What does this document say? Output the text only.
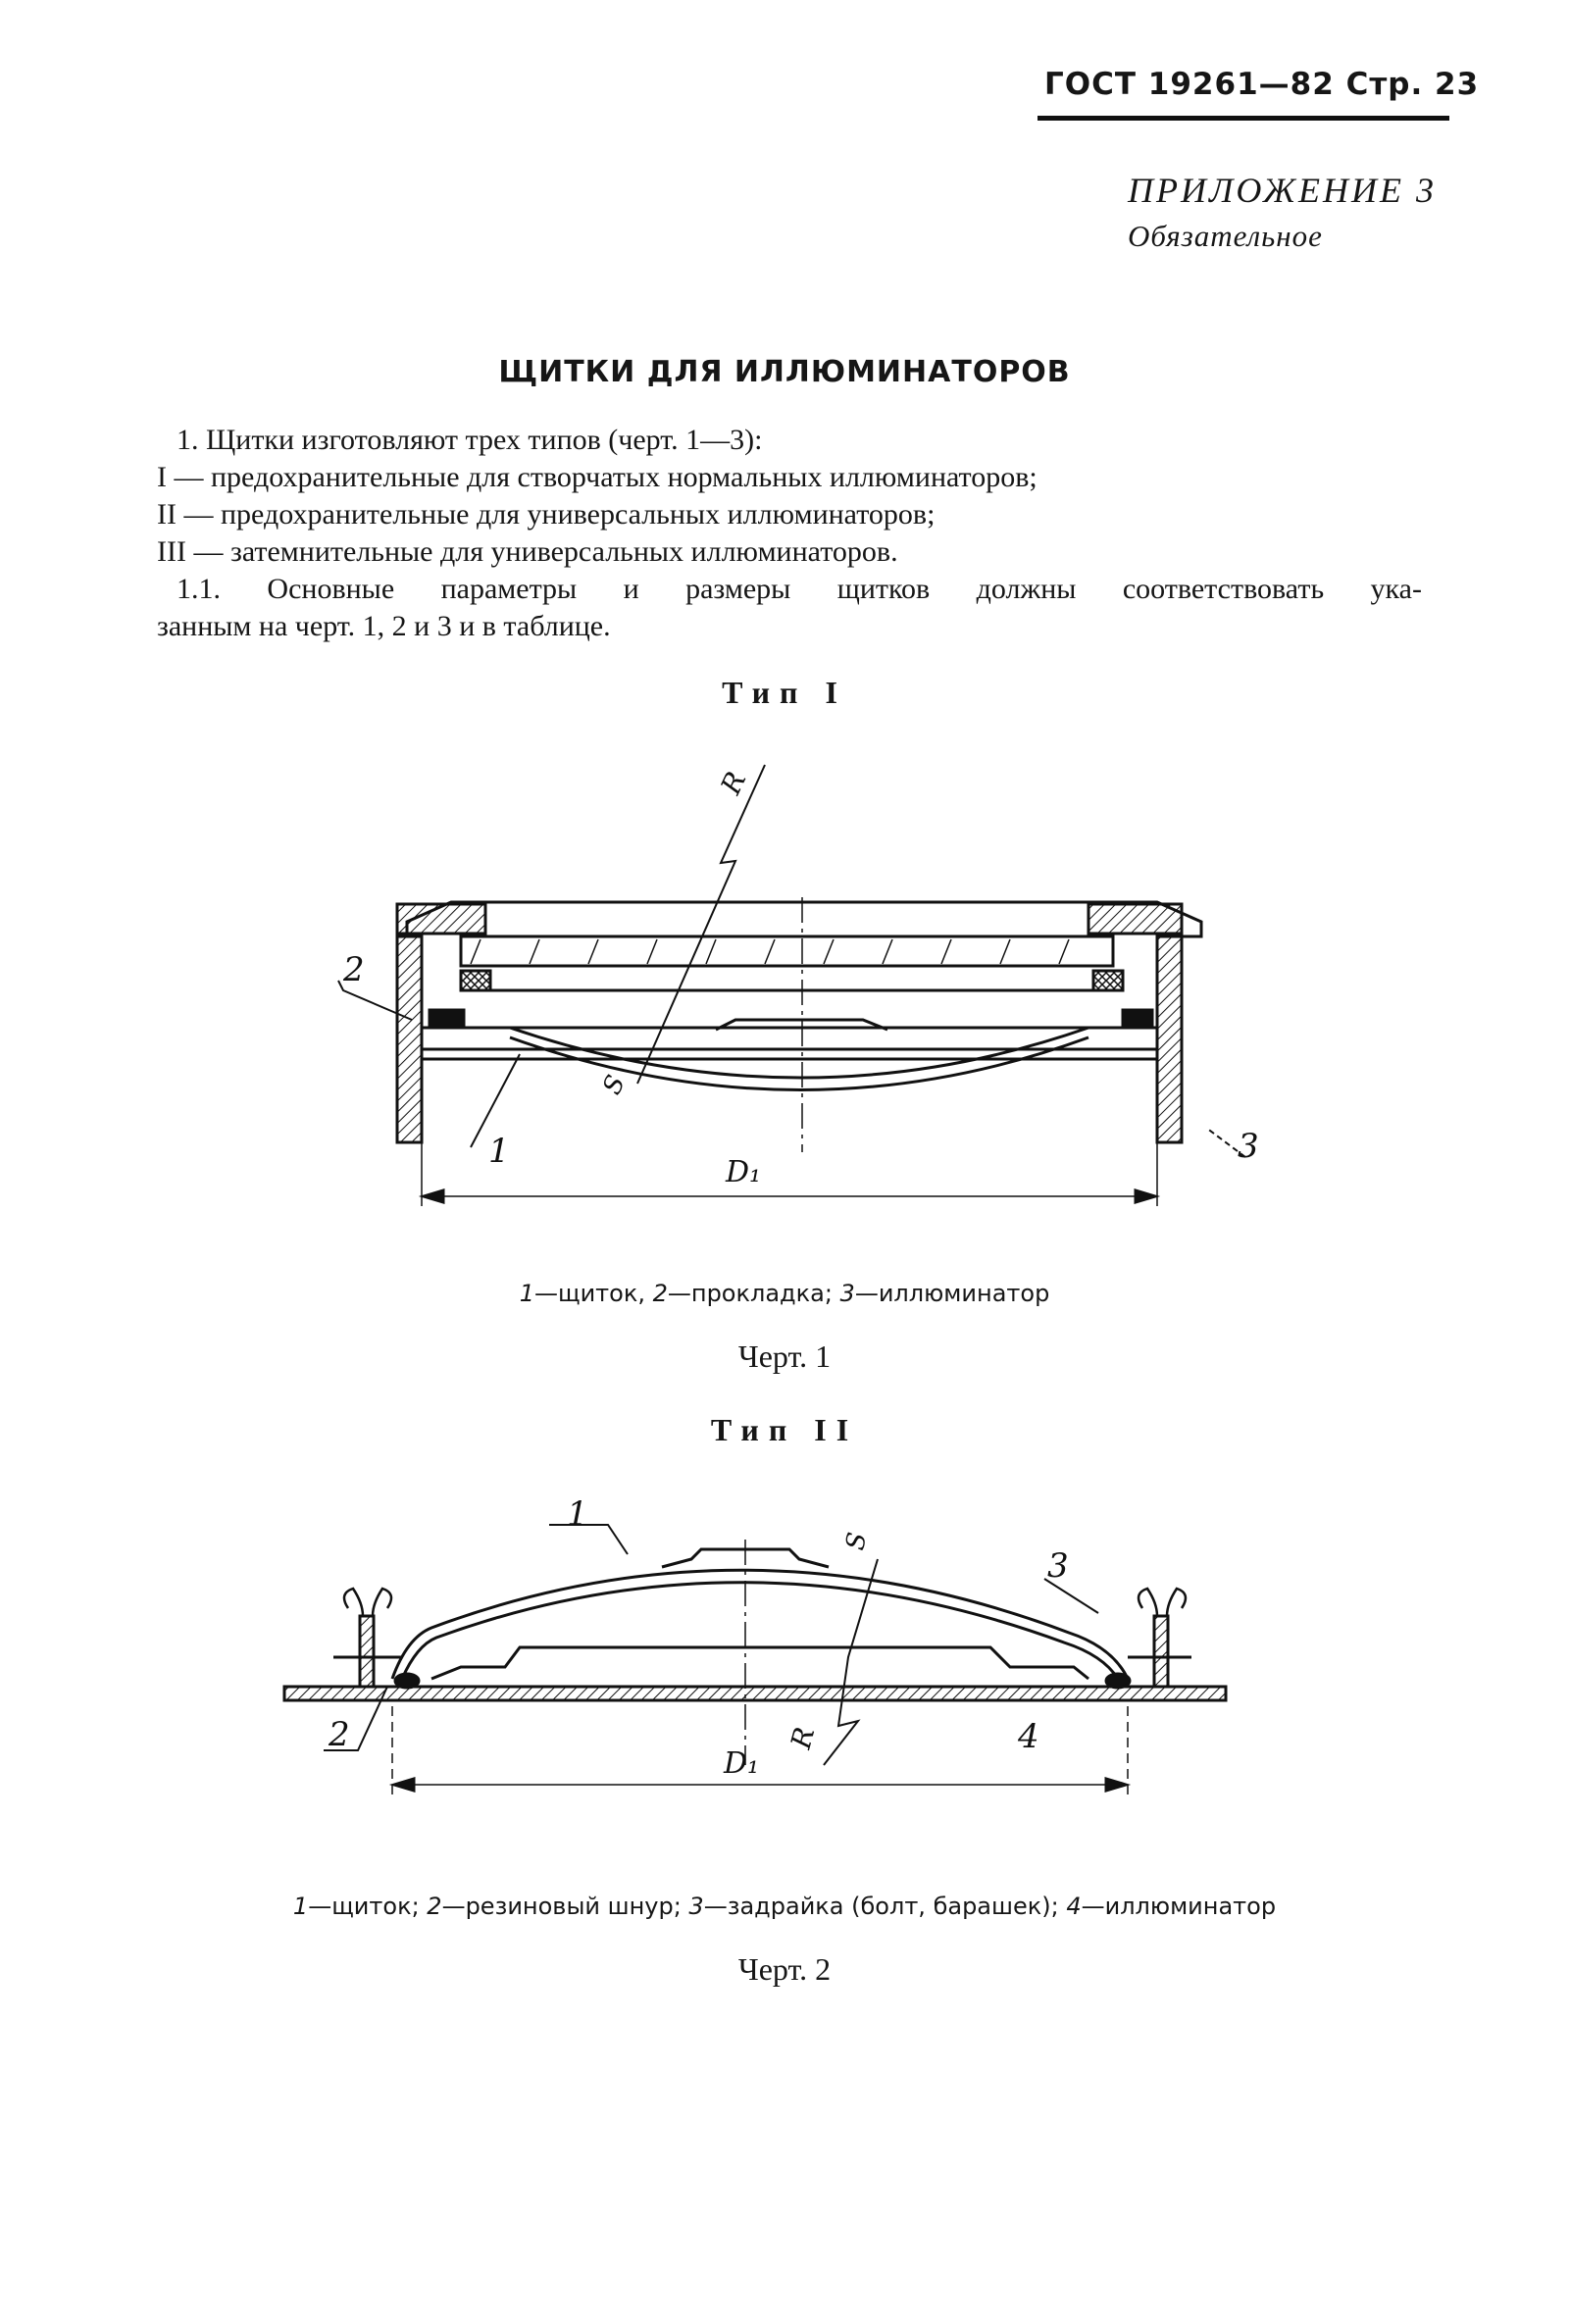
ГОСТ 19261—82 Стр. 23
ПРИЛОЖЕНИЕ 3
Обязательное
ЩИТКИ ДЛЯ ИЛЛЮМИНАТОРОВ

1. Щитки изготовляют трех типов (черт. 1—3):

I — предохранительные для створчатых нормальных иллюминаторов;

II — предохранительные для универсальных иллюминаторов;

III — затемнительные для универсальных иллюминаторов.

1.1. Основные параметры и размеры щитков должны соответствовать ука-

занным на черт. 1, 2 и 3 и в таблице.

Тип I
R
S
D₁
1
2
3
1—щиток, 2—прокладка; 3—иллюминатор
Черт. 1
Тип II
R
S
D₁
1
2
3
4
1—щиток; 2—резиновый шнур; 3—задрайка (болт, барашек); 4—иллюминатор
Черт. 2
